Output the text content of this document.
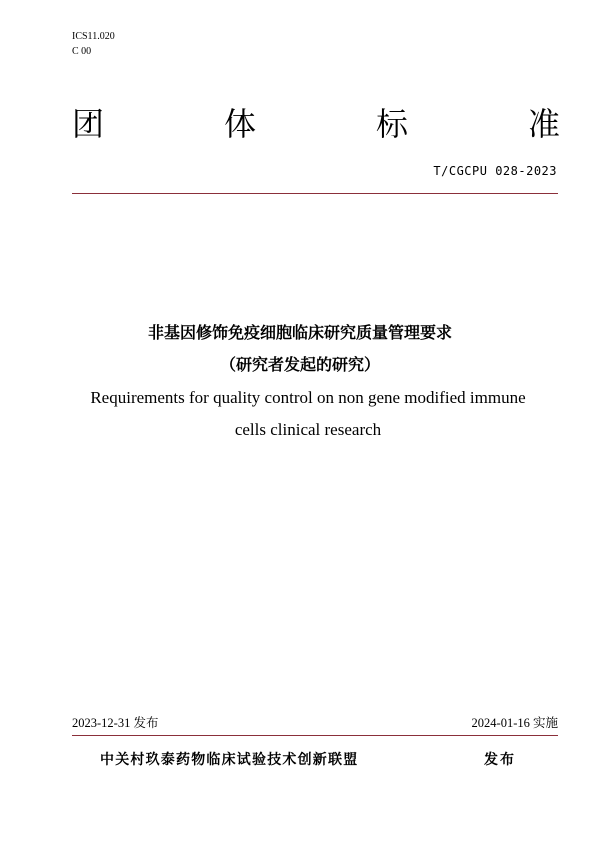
ICS11.020
C 00
团	体	标	准
T/CGCPU 028-2023
非基因修饰免疫细胞临床研究质量管理要求
（研究者发起的研究）
Requirements for quality control on non gene modified immune
cells clinical research
2023-12-31 发布	2024-01-16 实施
中关村玖泰药物临床试验技术创新联盟	发布
